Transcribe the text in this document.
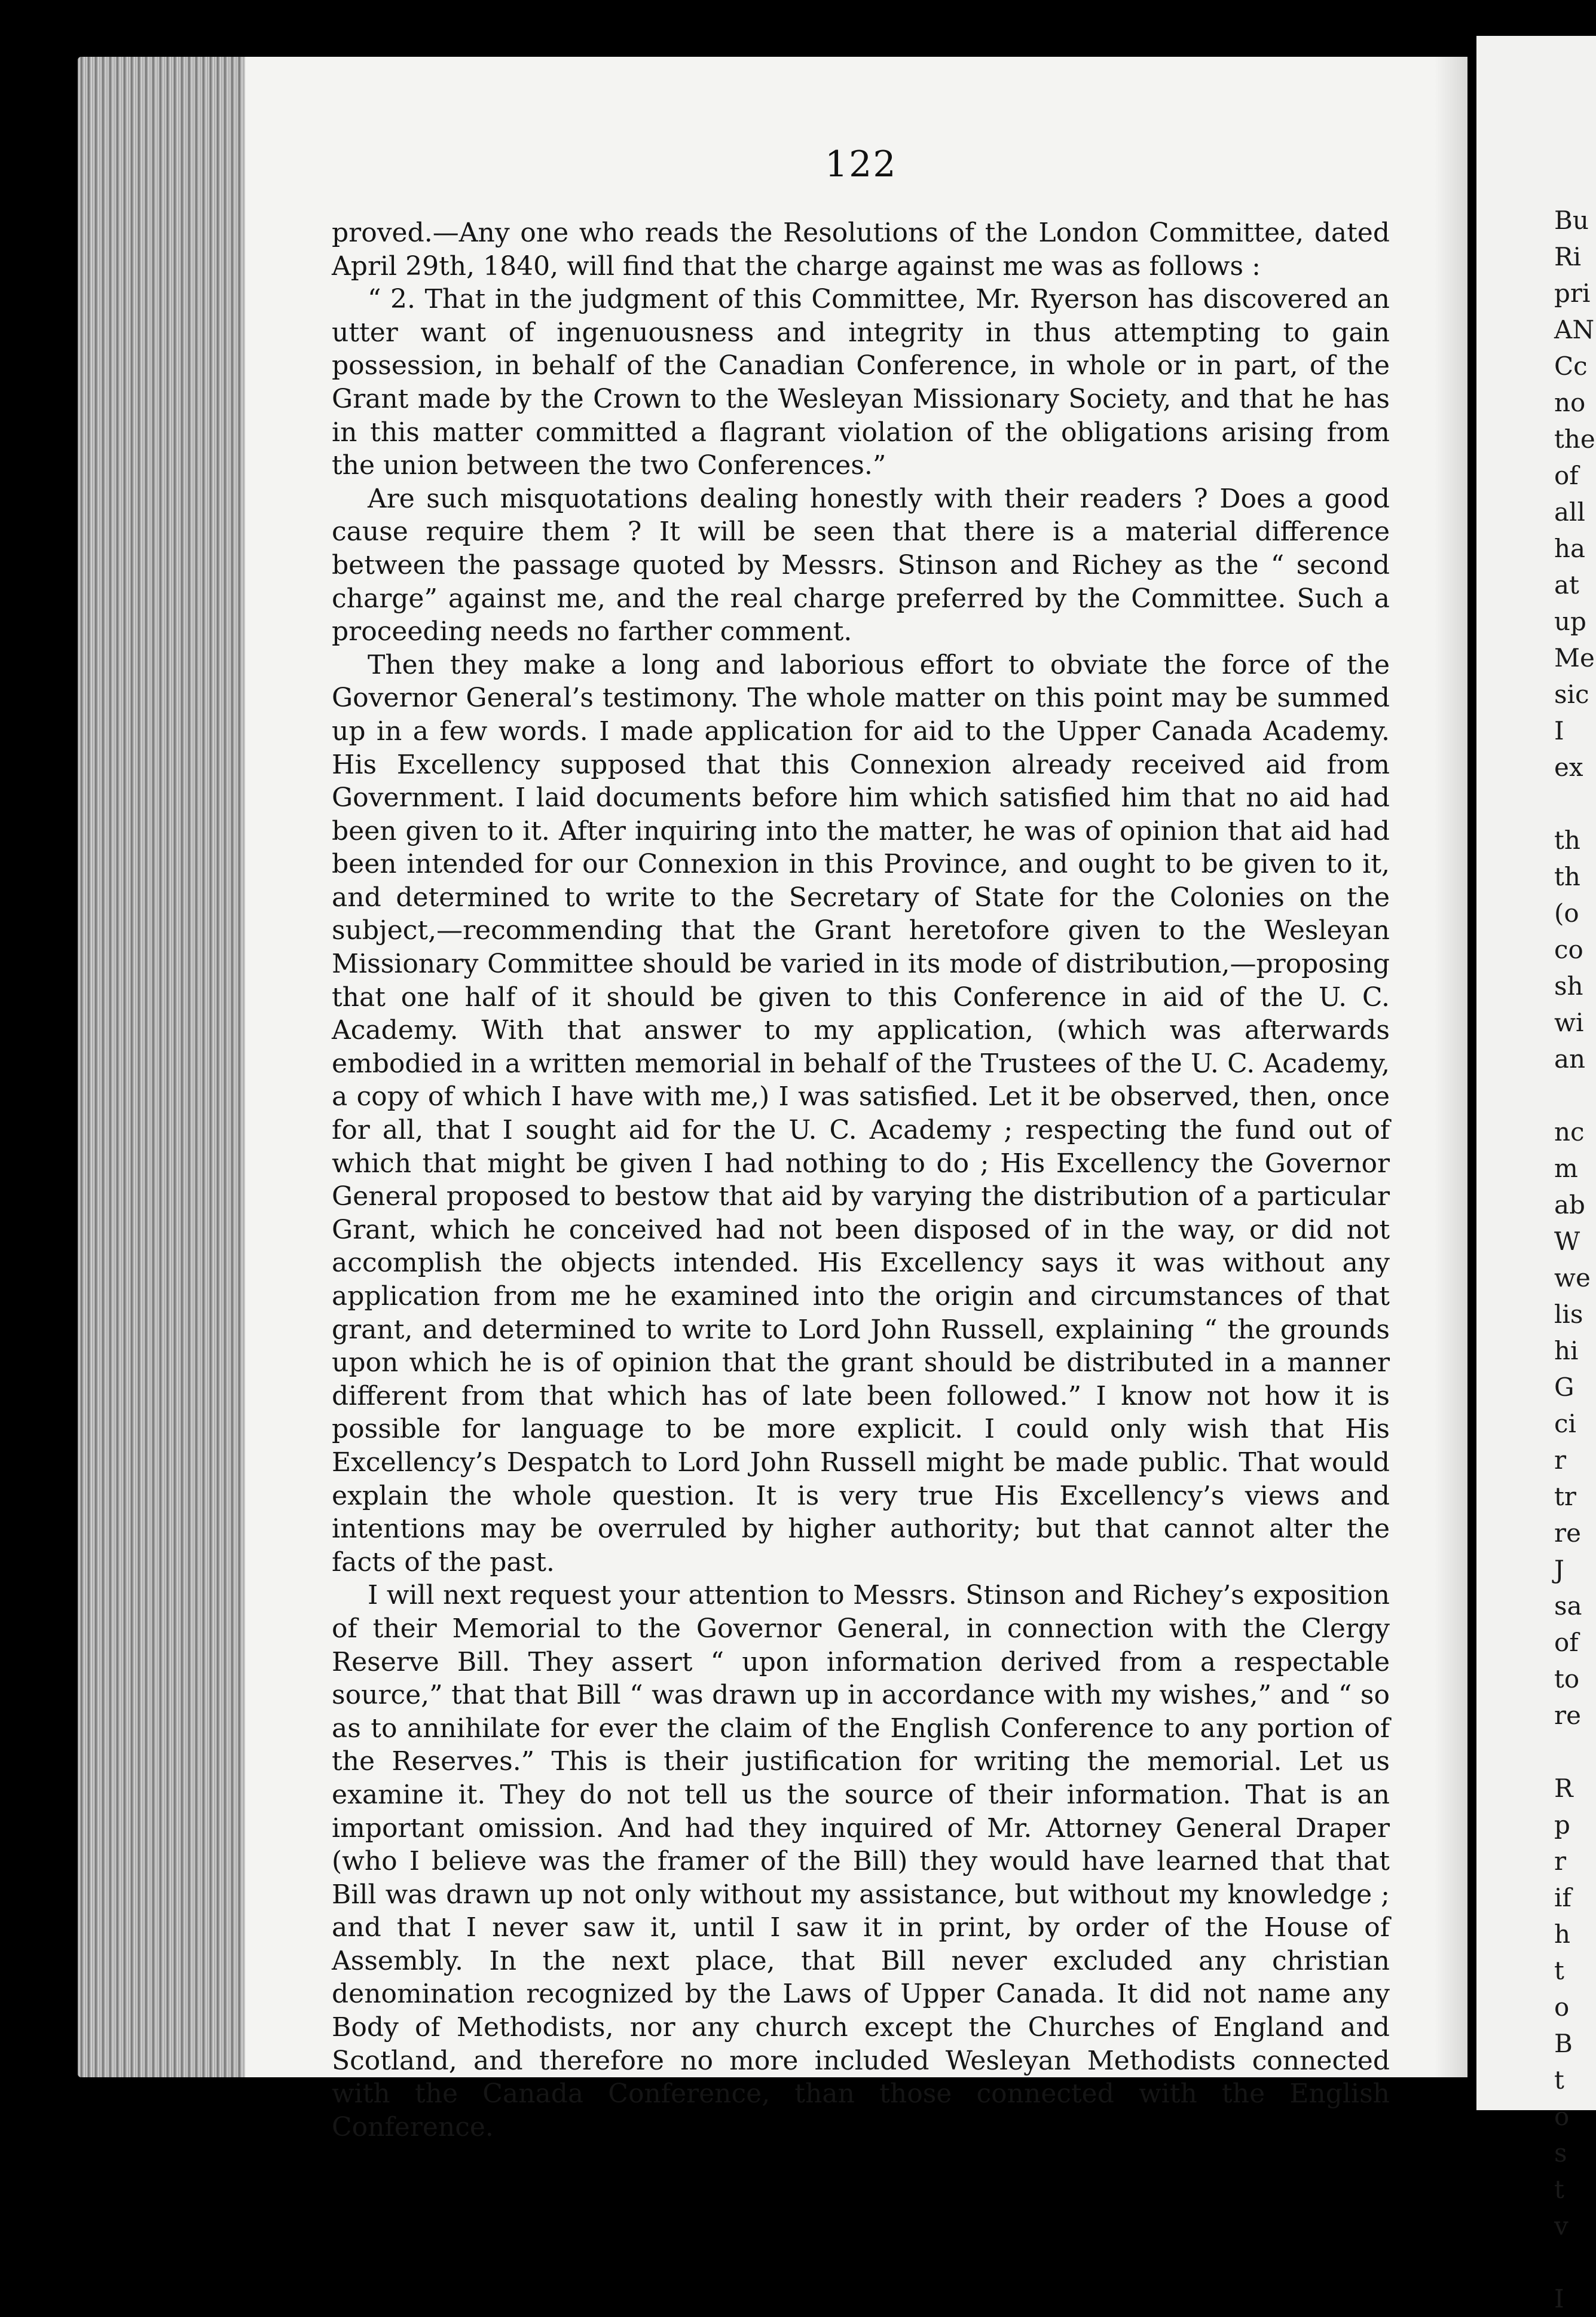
122

proved.—Any one who reads the Resolutions of the London Committee, dated April 29th, 1840, will find that the charge against me was as follows :

“ 2. That in the judgment of this Committee, Mr. Ryerson has discovered an utter want of ingenuousness and integrity in thus attempting to gain possession, in behalf of the Canadian Conference, in whole or in part, of the Grant made by the Crown to the Wesleyan Missionary Society, and that he has in this matter committed a flagrant violation of the obligations arising from the union between the two Conferences.”

Are such misquotations dealing honestly with their readers ? Does a good cause require them ? It will be seen that there is a material difference between the passage quoted by Messrs. Stinson and Richey as the “ second charge” against me, and the real charge preferred by the Committee. Such a proceeding needs no farther comment.

Then they make a long and laborious effort to obviate the force of the Governor General’s testimony. The whole matter on this point may be summed up in a few words. I made application for aid to the Upper Canada Academy. His Excellency supposed that this Connexion already received aid from Government. I laid documents before him which satisfied him that no aid had been given to it. After inquiring into the matter, he was of opinion that aid had been intended for our Connexion in this Province, and ought to be given to it, and determined to write to the Secretary of State for the Colonies on the subject,—recommending that the Grant heretofore given to the Wesleyan Missionary Committee should be varied in its mode of distribution,—proposing that one half of it should be given to this Conference in aid of the U. C. Academy. With that answer to my application, (which was afterwards embodied in a written memorial in behalf of the Trustees of the U. C. Academy, a copy of which I have with me,) I was satisfied. Let it be observed, then, once for all, that I sought aid for the U. C. Academy ; respecting the fund out of which that might be given I had nothing to do ; His Excellency the Governor General proposed to bestow that aid by varying the distribution of a particular Grant, which he conceived had not been disposed of in the way, or did not accomplish the objects intended. His Excellency says it was without any application from me he examined into the origin and circumstances of that grant, and determined to write to Lord John Russell, explaining “ the grounds upon which he is of opinion that the grant should be distributed in a manner different from that which has of late been followed.” I know not how it is possible for language to be more explicit. I could only wish that His Excellency’s Despatch to Lord John Russell might be made public. That would explain the whole question. It is very true His Excellency’s views and intentions may be overruled by higher authority; but that cannot alter the facts of the past.

I will next request your attention to Messrs. Stinson and Richey’s exposition of their Memorial to the Governor General, in connection with the Clergy Reserve Bill. They assert “ upon information derived from a respectable source,” that that Bill “ was drawn up in accordance with my wishes,” and “ so as to annihilate for ever the claim of the English Conference to any portion of the Reserves.” This is their justification for writing the memorial. Let us examine it. They do not tell us the source of their information. That is an important omission. And had they inquired of Mr. Attorney General Draper (who I believe was the framer of the Bill) they would have learned that that Bill was drawn up not only without my assistance, but without my knowledge ; and that I never saw it, until I saw it in print, by order of the House of Assembly. In the next place, that Bill never excluded any christian denomination recognized by the Laws of Upper Canada. It did not name any Body of Methodists, nor any church except the Churches of England and Scotland, and therefore no more included Wesleyan Methodists connected with the Canada Conference, than those connected with the English Conference.

Bu
Ri
pri
AN
Cc
no
the
of
all
ha
at
up
Me
sic
I
ex
th
th
(o
co
sh
wi
an
nc
m
ab
W
we
lis
hi
G
ci
r
tr
re
J
sa
of
to
re
R
p
r
if
h
t
o
B
t
o
s
t
v
I
